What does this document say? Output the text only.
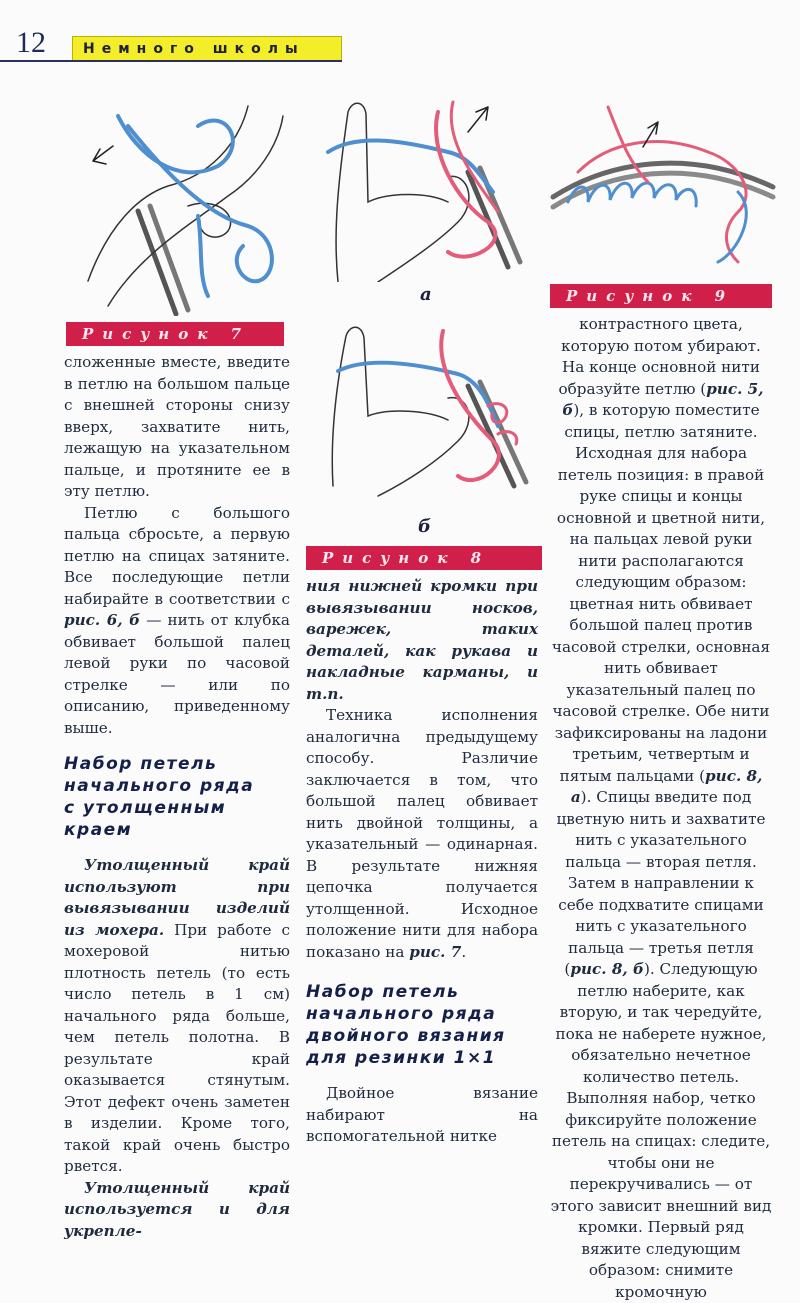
12	Немного школы
Рисунок 7
а
б
Рисунок 8
Рисунок 9

сложенные вместе, введите в петлю на большом пальце с внешней стороны снизу вверх, захватите нить, лежащую на указательном пальце, и протяните ее в эту петлю.

Петлю с большого пальца сбросьте, а первую петлю на спицах затяните. Все последующие петли набирайте в соответствии с рис. 6, б — нить от клубка обвивает большой палец левой руки по часовой стрелке — или по описанию, приведенному выше.

Набор петель
начального ряда
с утолщенным
краем

Утолщенный край используют при вывязывании изделий из мохера. При работе с мохеровой нитью плотность петель (то есть число петель в 1 см) начального ряда больше, чем петель полотна. В результате край оказывается стянутым. Этот дефект очень заметен в изделии. Кроме того, такой край очень быстро рвется.

Утолщенный край используется и для укрепле-

ния нижней кромки при вывязывании носков, варежек, таких деталей, как рукава и накладные карманы, и т.п.

Техника исполнения аналогична предыдущему способу. Различие заключается в том, что большой палец обвивает нить двойной толщины, а указательный — одинарная. В результате нижняя цепочка получается утолщенной. Исходное положение нити для набора показано на рис. 7.

Набор петель
начального ряда
двойного вязания
для резинки 1×1

Двойное вязание набирают на вспомогательной нитке

контрастного цвета, которую потом убирают. На конце основной нити образуйте петлю (рис. 5, б), в которую поместите спицы, петлю затяните. Исходная для набора петель позиция: в правой руке спицы и концы основной и цветной нити, на пальцах левой руки нити располагаются следующим образом: цветная нить обвивает большой палец против часовой стрелки, основная нить обвивает указательный палец по часовой стрелке. Обе нити зафиксированы на ладони третьим, четвертым и пятым пальцами (рис. 8, а). Спицы введите под цветную нить и захватите нить с указательного пальца — вторая петля. Затем в направлении к себе подхватите спицами нить с указательного пальца — третья петля (рис. 8, б). Следующую петлю наберите, как вторую, и так чередуйте, пока не наберете нужное, обязательно нечетное количество петель. Выполняя набор, четко фиксируйте положение петель на спицах: следите, чтобы они не перекручивались — от этого зависит внешний вид кромки. Первый ряд вяжите следующим образом: снимите кромочную
